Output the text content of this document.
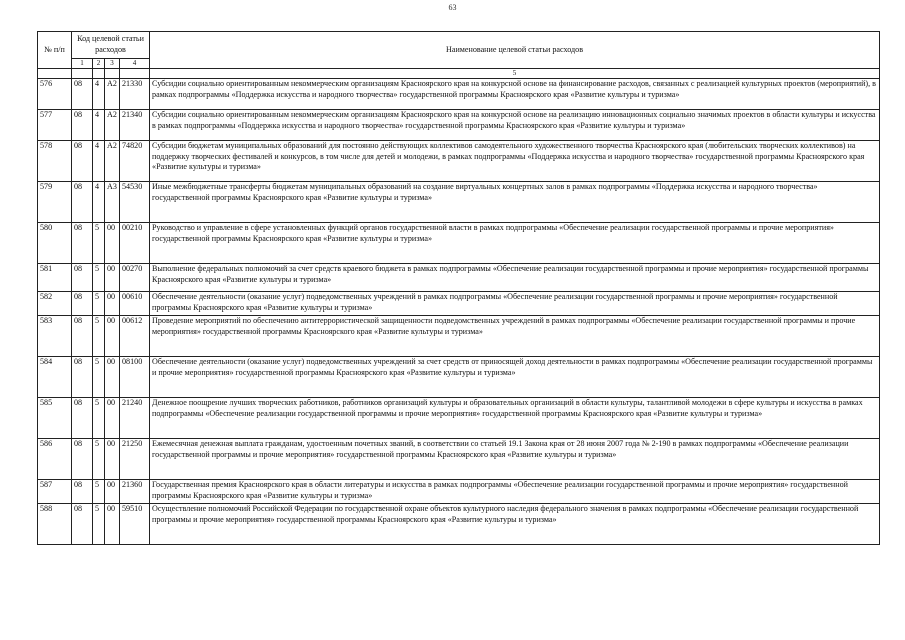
63
№ п/п	Код целевой статьи расходов				Наименование целевой статьи расходов
	1	2	3	4	
					5
576	08	4	А2	21330	Субсидии социально ориентированным некоммерческим организациям Красноярского края на конкурсной основе на финансирование расходов, связанных с реализацией культурных проектов (мероприятий), в рамках подпрограммы «Поддержка искусства и народного творчества» государственной программы Красноярского края «Развитие культуры и туризма»
577	08	4	А2	21340	Субсидии социально ориентированным некоммерческим организациям Красноярского края на конкурсной основе на реализацию инновационных социально значимых проектов в области культуры и искусства в рамках подпрограммы «Поддержка искусства и народного творчества» государственной программы Красноярского края «Развитие культуры и туризма»
578	08	4	А2	74820	Субсидии бюджетам муниципальных образований для постоянно действующих коллективов самодеятельного художественного творчества Красноярского края (любительских творческих коллективов) на поддержку творческих фестивалей и конкурсов, в том числе для детей и молодежи, в рамках подпрограммы «Поддержка искусства и народного творчества» государственной программы Красноярского края «Развитие культуры и туризма»
579	08	4	А3	54530	Иные межбюджетные трансферты бюджетам муниципальных образований на создание виртуальных концертных залов в рамках подпрограммы «Поддержка искусства и народного творчества» государственной программы Красноярского края «Развитие культуры и туризма»
580	08	5	00	00210	Руководство и управление в сфере установленных функций органов государственной власти в рамках подпрограммы «Обеспечение реализации государственной программы и прочие мероприятия» государственной программы Красноярского края «Развитие культуры и туризма»
581	08	5	00	00270	Выполнение федеральных полномочий за счет средств краевого бюджета в рамках подпрограммы «Обеспечение реализации государственной программы и прочие мероприятия» государственной программы Красноярского края «Развитие культуры и туризма»
582	08	5	00	00610	Обеспечение деятельности (оказание услуг) подведомственных учреждений в рамках подпрограммы «Обеспечение реализации государственной программы и прочие мероприятия» государственной программы Красноярского края «Развитие культуры и туризма»
583	08	5	00	00612	Проведение мероприятий по обеспечению антитеррористической защищенности подведомственных учреждений в рамках подпрограммы «Обеспечение реализации государственной программы и прочие мероприятия» государственной программы Красноярского края «Развитие культуры и туризма»
584	08	5	00	08100	Обеспечение деятельности (оказание услуг) подведомственных учреждений за счет средств от приносящей доход деятельности в рамках подпрограммы «Обеспечение реализации государственной программы и прочие мероприятия» государственной программы Красноярского края «Развитие культуры и туризма»
585	08	5	00	21240	Денежное поощрение лучших творческих работников, работников организаций культуры и образовательных организаций в области культуры, талантливой молодежи в сфере культуры и искусства в рамках подпрограммы «Обеспечение реализации государственной программы и прочие мероприятия» государственной программы Красноярского края «Развитие культуры и туризма»
586	08	5	00	21250	Ежемесячная денежная выплата гражданам, удостоенным почетных званий, в соответствии со статьей 19.1 Закона края от 28 июня 2007 года № 2-190 в рамках подпрограммы «Обеспечение реализации государственной программы и прочие мероприятия» государственной программы Красноярского края «Развитие культуры и туризма»
587	08	5	00	21360	Государственная премия Красноярского края в области литературы и искусства в рамках подпрограммы «Обеспечение реализации государственной программы и прочие мероприятия» государственной программы Красноярского края «Развитие культуры и туризма»
588	08	5	00	59510	Осуществление полномочий Российской Федерации по государственной охране объектов культурного наследия федерального значения в рамках подпрограммы «Обеспечение реализации государственной программы и прочие мероприятия» государственной программы Красноярского края «Развитие культуры и туризма»
